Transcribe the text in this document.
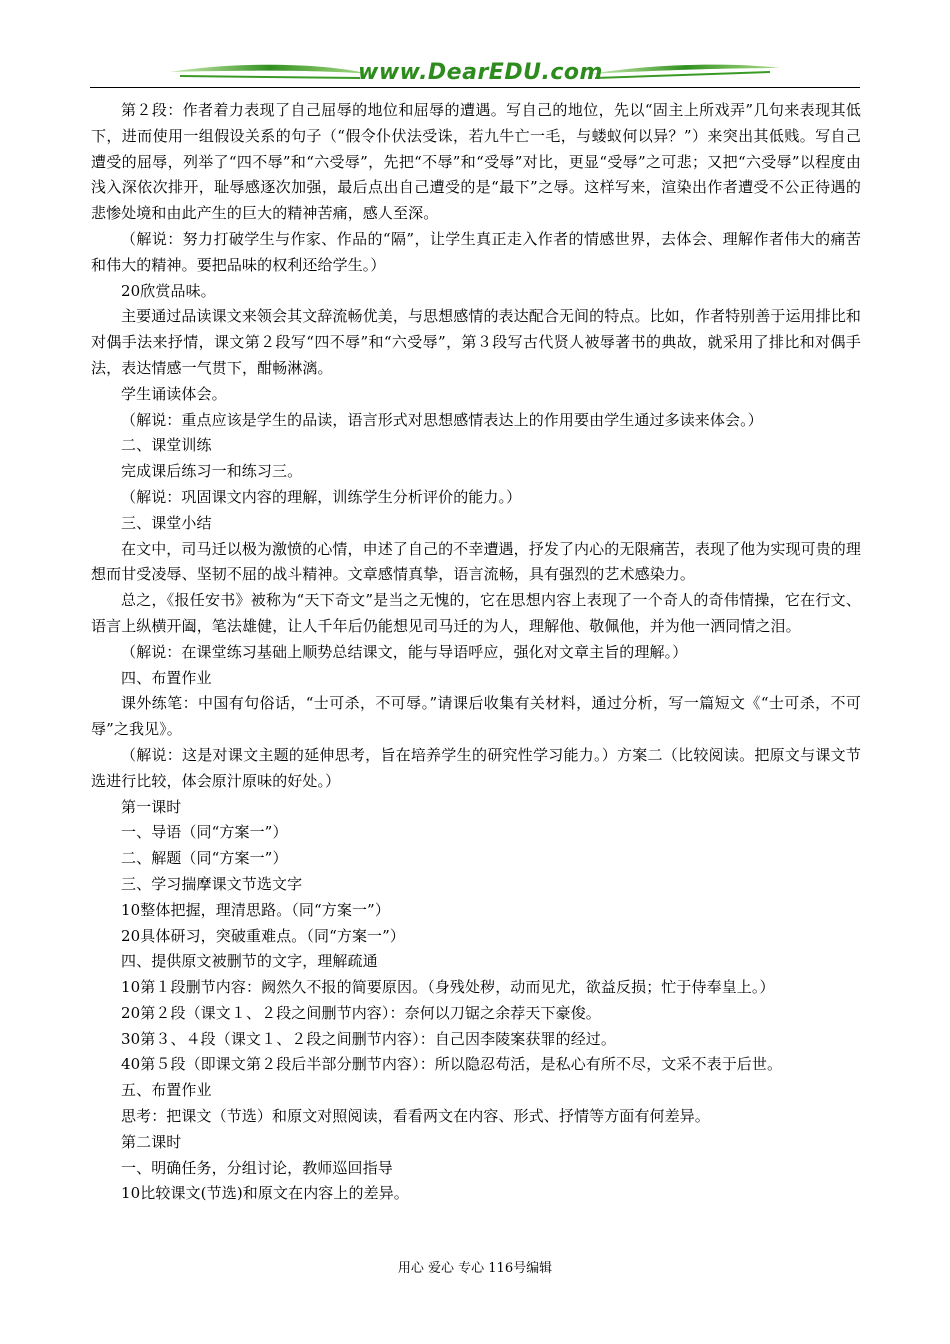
www.DearEDU.com

第２段：作者着力表现了自己屈辱的地位和屈辱的遭遇。写自己的地位，先以“固主上所戏弄”几句来表现其低下，进而使用一组假设关系的句子（“假令仆伏法受诛，若九牛亡一毛，与蝼蚁何以异？”）来突出其低贱。写自己遭受的屈辱，列举了“四不辱”和“六受辱”，先把“不辱”和“受辱”对比，更显“受辱”之可悲；又把“六受辱”以程度由浅入深依次排开，耻辱感逐次加强，最后点出自己遭受的是“最下”之辱。这样写来，渲染出作者遭受不公正待遇的悲惨处境和由此产生的巨大的精神苦痛，感人至深。

（解说：努力打破学生与作家、作品的“隔”，让学生真正走入作者的情感世界，去体会、理解作者伟大的痛苦和伟大的精神。要把品味的权利还给学生。）

20欣赏品味。

主要通过品读课文来领会其文辞流畅优美，与思想感情的表达配合无间的特点。比如，作者特别善于运用排比和对偶手法来抒情，课文第２段写“四不辱”和“六受辱”，第３段写古代贤人被辱著书的典故，就采用了排比和对偶手法，表达情感一气贯下，酣畅淋漓。

学生诵读体会。

（解说：重点应该是学生的品读，语言形式对思想感情表达上的作用要由学生通过多读来体会。）

二、课堂训练

完成课后练习一和练习三。

（解说：巩固课文内容的理解，训练学生分析评价的能力。）

三、课堂小结

在文中，司马迁以极为激愤的心情，申述了自己的不幸遭遇，抒发了内心的无限痛苦，表现了他为实现可贵的理想而甘受凌辱、坚韧不屈的战斗精神。文章感情真挚，语言流畅，具有强烈的艺术感染力。

总之，《报任安书》被称为“天下奇文”是当之无愧的，它在思想内容上表现了一个奇人的奇伟情操，它在行文、语言上纵横开阖，笔法雄健，让人千年后仍能想见司马迁的为人，理解他、敬佩他，并为他一洒同情之泪。

（解说：在课堂练习基础上顺势总结课文，能与导语呼应，强化对文章主旨的理解。）

四、布置作业

课外练笔：中国有句俗话，“士可杀，不可辱。”请课后收集有关材料，通过分析，写一篇短文《“士可杀，不可辱”之我见》。

（解说：这是对课文主题的延伸思考，旨在培养学生的研究性学习能力。）方案二（比较阅读。把原文与课文节选进行比较，体会原汁原味的好处。）

第一课时

一、导语（同“方案一”）

二、解题（同“方案一”）

三、学习揣摩课文节选文字

10整体把握，理清思路。（同“方案一”）

20具体研习，突破重难点。（同“方案一”）

四、提供原文被删节的文字，理解疏通

10第１段删节内容：阙然久不报的简要原因。（身残处秽，动而见尤，欲益反损；忙于侍奉皇上。）

20第２段（课文１、２段之间删节内容）：奈何以刀锯之余荐天下豪俊。

30第３、４段（课文１、２段之间删节内容）：自己因李陵案获罪的经过。

40第５段（即课文第２段后半部分删节内容）：所以隐忍苟活，是私心有所不尽，文采不表于后世。

五、布置作业

思考：把课文（节选）和原文对照阅读，看看两文在内容、形式、抒情等方面有何差异。

第二课时

一、明确任务，分组讨论，教师巡回指导

10比较课文(节选)和原文在内容上的差异。

用心 爱心 专心 116号编辑
